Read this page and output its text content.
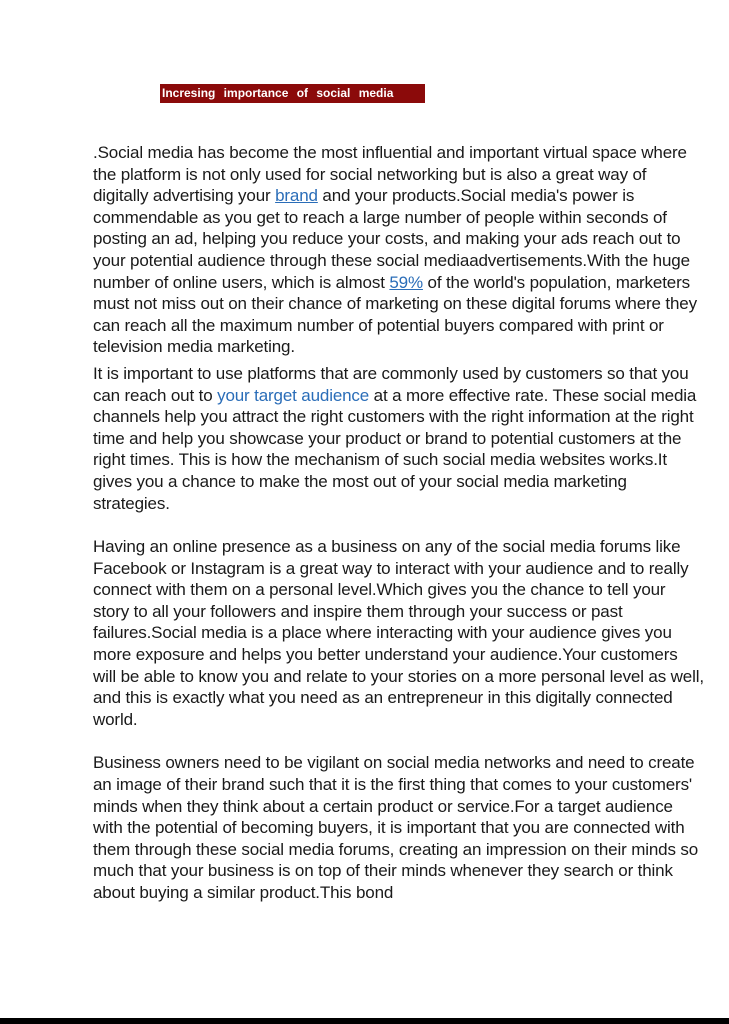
Incresing importance of social media

.Social media has become the most influential and important virtual space where the platform is not only used for social networking but is also a great way of digitally advertising your brand and your products.Social media's power is commendable as you get to reach a large number of people within seconds of posting an ad, helping you reduce your costs, and making your ads reach out to your potential audience through these social mediaadvertisements.With the huge number of online users, which is almost 59% of the world's population, marketers must not miss out on their chance of marketing on these digital forums where they can reach all the maximum number of potential buyers compared with print or television media marketing.

It is important to use platforms that are commonly used by customers so that you can reach out to your target audience at a more effective rate. These social media channels help you attract the right customers with the right information at the right time and help you showcase your product or brand to potential customers at the right times. This is how the mechanism of such social media websites works.It gives you a chance to make the most out of your social media marketing strategies.

Having an online presence as a business on any of the social media forums like Facebook or Instagram is a great way to interact with your audience and to really connect with them on a personal level.Which gives you the chance to tell your story to all your followers and inspire them through your success or past failures.Social media is a place where interacting with your audience gives you more exposure and helps you better understand your audience.Your customers will be able to know you and relate to your stories on a more personal level as well, and this is exactly what you need as an entrepreneur in this digitally connected world.

Business owners need to be vigilant on social media networks and need to create an image of their brand such that it is the first thing that comes to your customers' minds when they think about a certain product or service.For a target audience with the potential of becoming buyers, it is important that you are connected with them through these social media forums, creating an impression on their minds so much that your business is on top of their minds whenever they search or think about buying a similar product.This bond
